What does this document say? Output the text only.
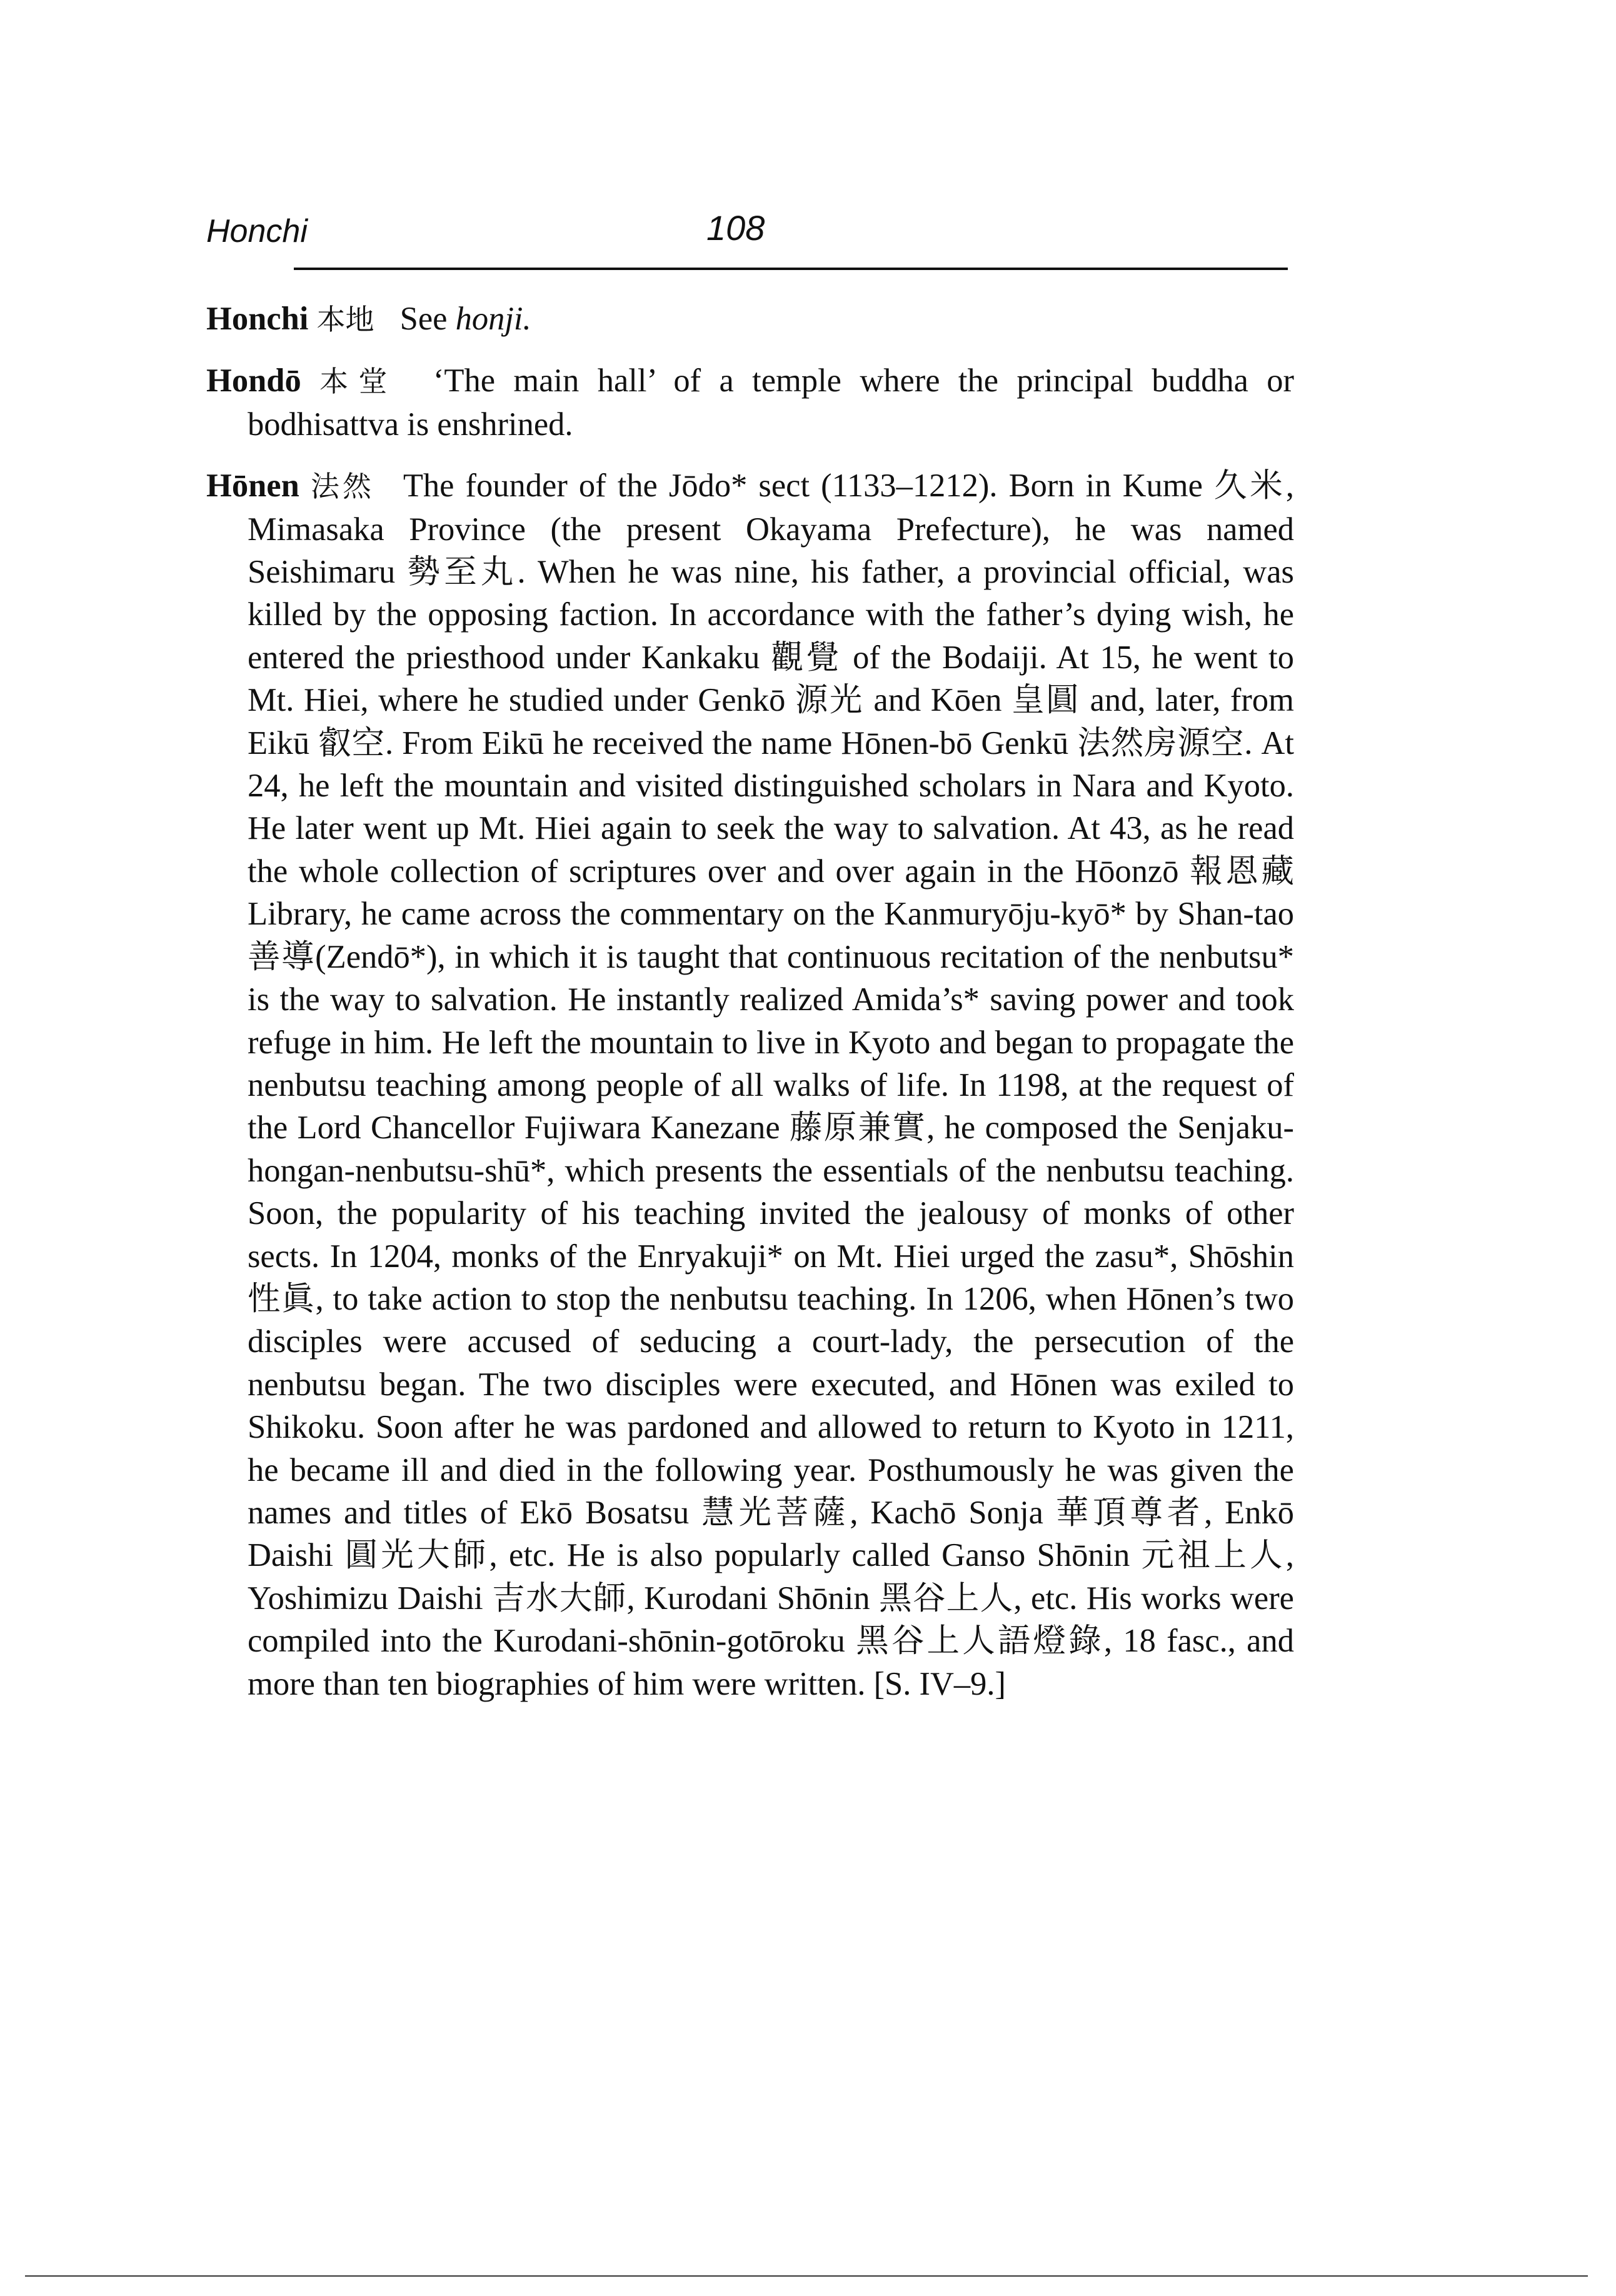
Honchi	108

Honchi 本地 See honji.

Hondō 本堂 ‘The main hall’ of a temple where the principal buddha or bodhisattva is enshrined.

Hōnen 法然 The founder of the Jōdo* sect (1133–1212). Born in Kume 久米, Mimasaka Province (the present Okayama Prefecture), he was named Seishimaru 勢至丸. When he was nine, his father, a provincial official, was killed by the opposing faction. In accordance with the father’s dying wish, he entered the priesthood under Kankaku 觀覺 of the Bodaiji. At 15, he went to Mt. Hiei, where he studied under Genkō 源光 and Kōen 皇圓 and, later, from Eikū 叡空. From Eikū he received the name Hōnen-bō Genkū 法然房源空. At 24, he left the mountain and visited distinguished scholars in Nara and Kyoto. He later went up Mt. Hiei again to seek the way to salvation. At 43, as he read the whole collection of scriptures over and over again in the Hōonzō 報恩藏 Library, he came across the commentary on the Kanmuryōju-kyō* by Shan-tao 善導(Zendō*), in which it is taught that continuous recitation of the nenbutsu* is the way to salvation. He instantly realized Amida’s* saving power and took refuge in him. He left the mountain to live in Kyoto and began to propagate the nenbutsu teaching among people of all walks of life. In 1198, at the request of the Lord Chancellor Fujiwara Kanezane 藤原兼實, he composed the Senjaku-hongan-nenbutsu-shū*, which presents the essentials of the nenbutsu teaching. Soon, the popularity of his teaching invited the jealousy of monks of other sects. In 1204, monks of the Enryakuji* on Mt. Hiei urged the zasu*, Shōshin 性眞, to take action to stop the nenbutsu teaching. In 1206, when Hōnen’s two disciples were accused of seducing a court-lady, the persecution of the nenbutsu began. The two disciples were executed, and Hōnen was exiled to Shikoku. Soon after he was pardoned and allowed to return to Kyoto in 1211, he became ill and died in the following year. Posthumously he was given the names and titles of Ekō Bosatsu 慧光菩薩, Kachō Sonja 華頂尊者, Enkō Daishi 圓光大師, etc. He is also popularly called Ganso Shōnin 元祖上人, Yoshimizu Daishi 吉水大師, Kurodani Shōnin 黑谷上人, etc. His works were compiled into the Kurodani-shōnin-gotōroku 黑谷上人語燈錄, 18 fasc., and more than ten biographies of him were written. [S. IV–9.]
